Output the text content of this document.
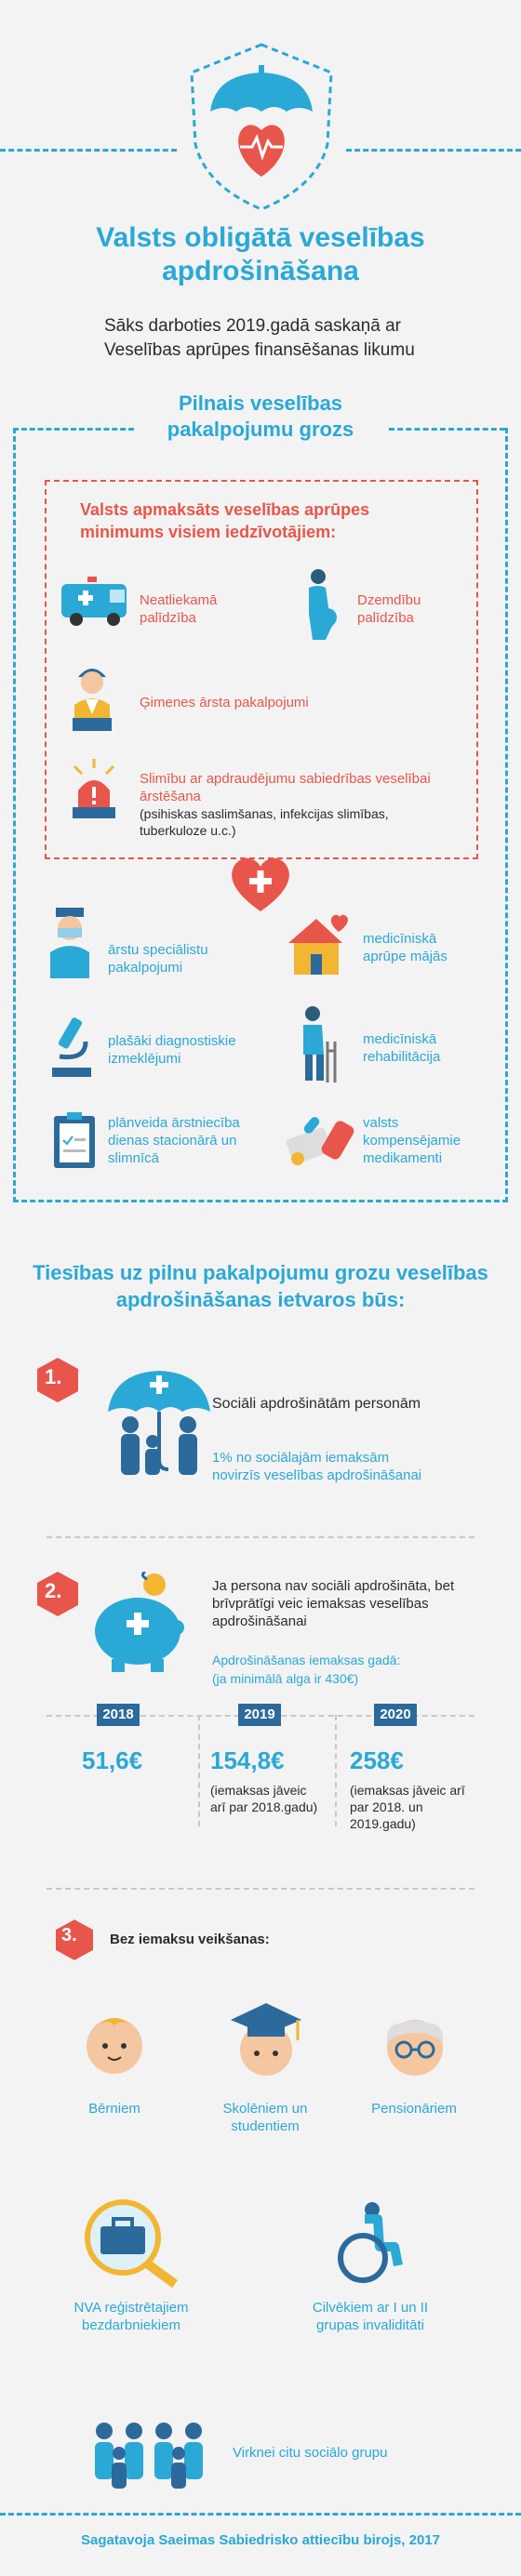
Valsts obligātā veselības apdrošināšana
Sāks darboties 2019.gadā saskaņā ar Veselības aprūpes finansēšanas likumu
Pilnais veselības pakalpojumu grozs
Valsts apmaksāts veselības aprūpes minimums visiem iedzīvotājiem:
Neatliekamā palīdzība
Dzemdību palīdzība
Ģimenes ārsta pakalpojumi
Slimību ar apdraudējumu sabiedrības veselībai ārstēšana
(psihiskas saslimšanas, infekcijas slimības, tuberkuloze u.c.)
ārstu speciālistu pakalpojumi
medicīniskā aprūpe mājās
plašāki diagnostiskie izmeklējumi
medicīniskā rehabilitācija
plānveida ārstniecība dienas stacionārā un slimnīcā
valsts kompensējamie medikamenti
Tiesības uz pilnu pakalpojumu grozu veselības apdrošināšanas ietvaros būs:
1.
Sociāli apdrošinātām personām
1% no sociālajām iemaksām novirzīs veselības apdrošināšanai
2.	Ja persona nav sociāli apdrošināta, bet brīvprātīgi veic iemaksas veselības apdrošināšanai
Apdrošināšanas iemaksas gadā:
(ja minimālā alga ir 430€)
2018	2019	2020
51,6€	154,8€	258€
(iemaksas jāveic arī par 2018.gadu)
(iemaksas jāveic arī par 2018. un 2019.gadu)
3. Bez iemaksu veikšanas:
Bērniem	Skolēniem un studentiem
Pensionāriem
NVA reģistrētajiem bezdarbniekiem
Cilvēkiem ar I un II grupas invaliditāti
Virknei citu sociālo grupu
Sagatavoja Saeimas Sabiedrisko attiecību birojs, 2017
